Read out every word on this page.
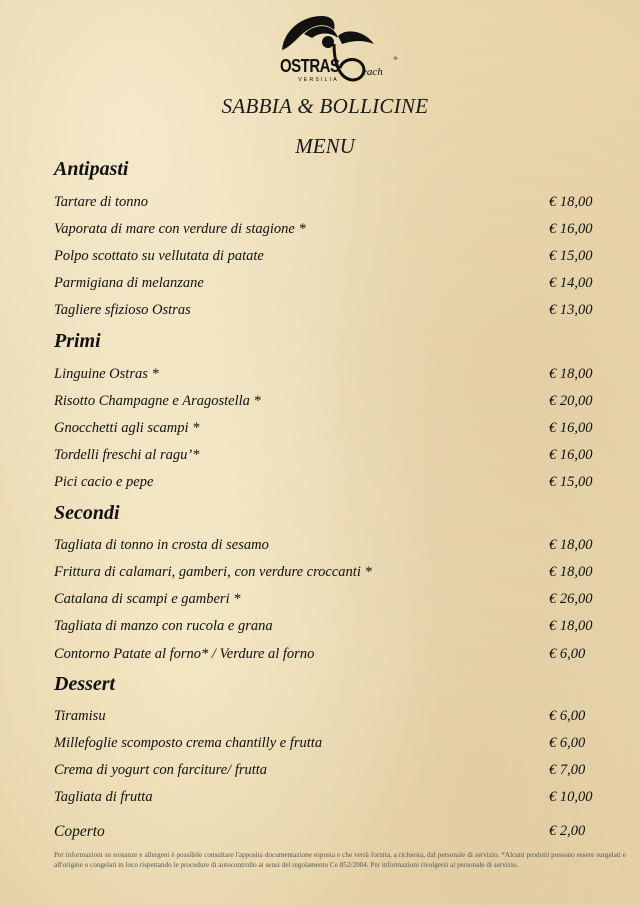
OSTRAS each
VERSILIA
®
SABBIA & BOLLICINE
MENU
Antipasti
Tartare di tonno	€ 18,00
Vaporata di mare con verdure di stagione *	€ 16,00
Polpo scottato su vellutata di patate	€ 15,00
Parmigiana di melanzane	€ 14,00
Tagliere sfizioso Ostras	€ 13,00
Primi
Linguine Ostras *	€ 18,00
Risotto Champagne e Aragostella *	€ 20,00
Gnocchetti agli scampi *	€ 16,00
Tordelli freschi al ragu’*	€ 16,00
Pici cacio e pepe	€ 15,00
Secondi
Tagliata di tonno in crosta di sesamo	€ 18,00
Frittura di calamari, gamberi, con verdure croccanti *	€ 18,00
Catalana di scampi e gamberi *	€ 26,00
Tagliata di manzo con rucola e grana	€ 18,00
Contorno Patate al forno* / Verdure al forno	€ 6,00
Dessert
Tiramisu	€ 6,00
Millefoglie scomposto crema chantilly e frutta	€ 6,00
Crema di yogurt con farciture/ frutta	€ 7,00
Tagliata di frutta	€ 10,00
Coperto	€ 2,00

Per informazioni su sostanze e allergeni è possibile consultare l'apposita documentazione esposta e che verrà fornita, a richiesta, dal personale di servizio. *Alcuni prodotti possono essere surgelati e all'origine o congelati in loco rispettando le procedure di autocontrollo ai sensi del regolamento Ce 852/2004. Per informazioni rivolgersi al personale di servizio.
